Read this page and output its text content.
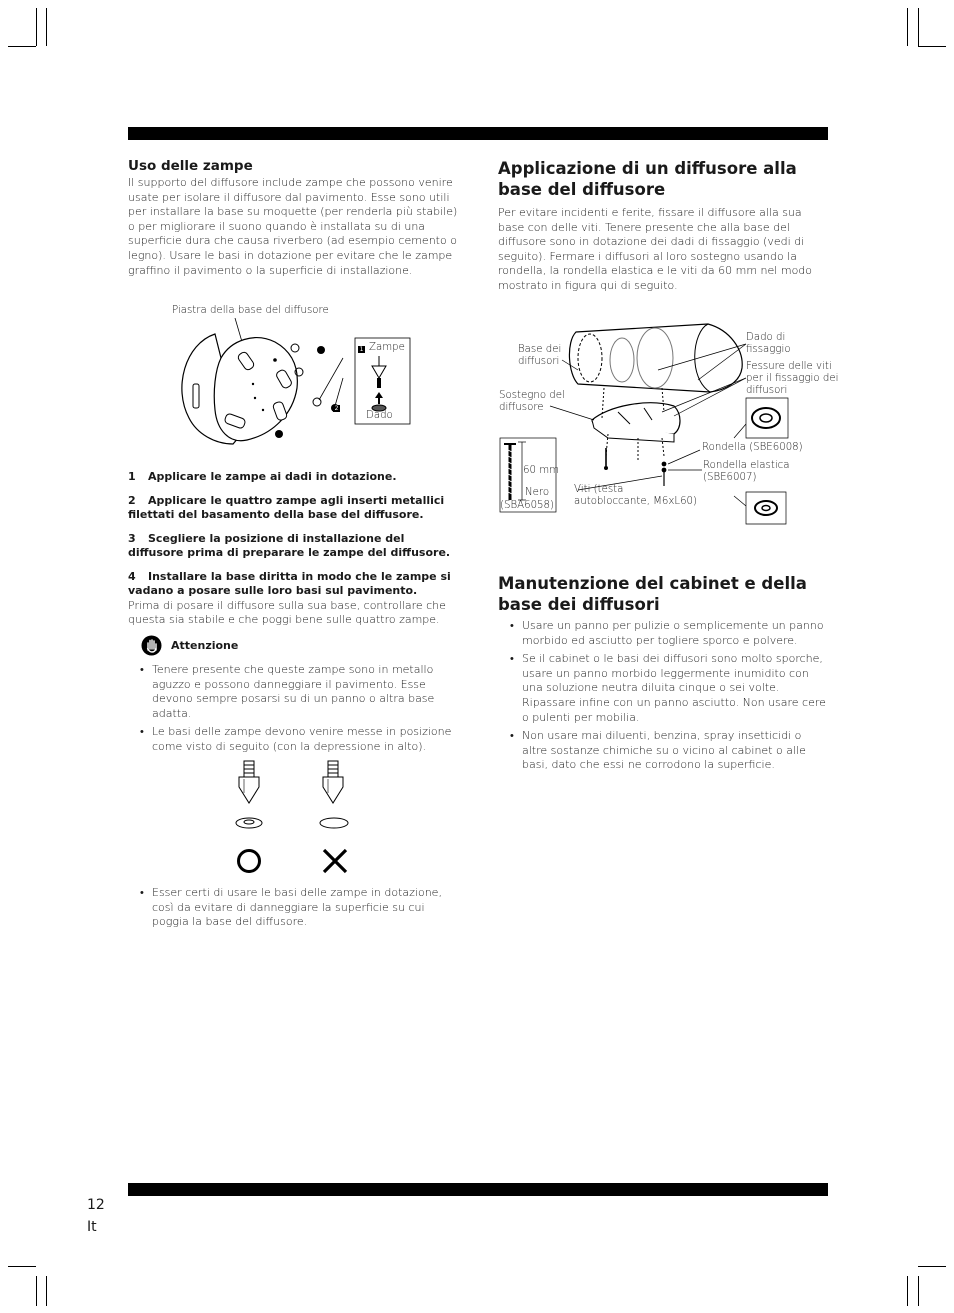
Uso delle zampe

Il supporto del diffusore include zampe che possono venire usate per isolare il diffusore dal pavimento. Esse sono utili per installare la base su moquette (per renderla più stabile) o per migliorare il suono quando è installata su di una superficie dura che causa riverbero (ad esempio cemento o legno). Usare le basi in dotazione per evitare che le zampe graffino il pavimento o la superficie di installazione.

Piastra della base del diffusore
1 Zampe
2
Dado

1 Applicare le zampe ai dadi in dotazione.

2 Applicare le quattro zampe agli inserti metallici filettati del basamento della base del diffusore.

3 Scegliere la posizione di installazione del diffusore prima di preparare le zampe del diffusore.

4 Installare la base diritta in modo che le zampe si vadano a posare sulle loro basi sul pavimento.

Prima di posare il diffusore sulla sua base, controllare che questa sia stabile e che poggi bene sulle quattro zampe.

Attenzione
• Tenere presente che queste zampe sono in metallo aguzzo e possono danneggiare il pavimento. Esse devono sempre posarsi su di un panno o altra base adatta.
• Le basi delle zampe devono venire messe in posizione come visto di seguito (con la depressione in alto).
• Esser certi di usare le basi delle zampe in dotazione, così da evitare di danneggiare la superficie su cui poggia la base del diffusore.
Applicazione di un diffusore alla base del diffusore

Per evitare incidenti e ferite, fissare il diffusore alla sua base con delle viti. Tenere presente che alla base del diffusore sono in dotazione dei dadi di fissaggio (vedi di seguito). Fermare i diffusori al loro sostegno usando la rondella, la rondella elastica e le viti da 60 mm nel modo mostrato in figura qui di seguito.

Base dei diffusori
Sostegno del diffusore
Dado di fissaggio
Fessure delle viti per il fissaggio dei diffusori
Rondella (SBE6008)
Rondella elastica (SBE6007)
60 mm
Nero
(SBA6058)
Viti (testa autobloccante, M6xL60)
Manutenzione del cabinet e della base dei diffusori
• Usare un panno per pulizie o semplicemente un panno morbido ed asciutto per togliere sporco e polvere.
• Se il cabinet o le basi dei diffusori sono molto sporche, usare un panno morbido leggermente inumidito con una soluzione neutra diluita cinque o sei volte. Ripassare infine con un panno asciutto. Non usare cere o pulenti per mobilia.
• Non usare mai diluenti, benzina, spray insetticidi o altre sostanze chimiche su o vicino al cabinet o alle basi, dato che essi ne corrodono la superficie.
12
It
